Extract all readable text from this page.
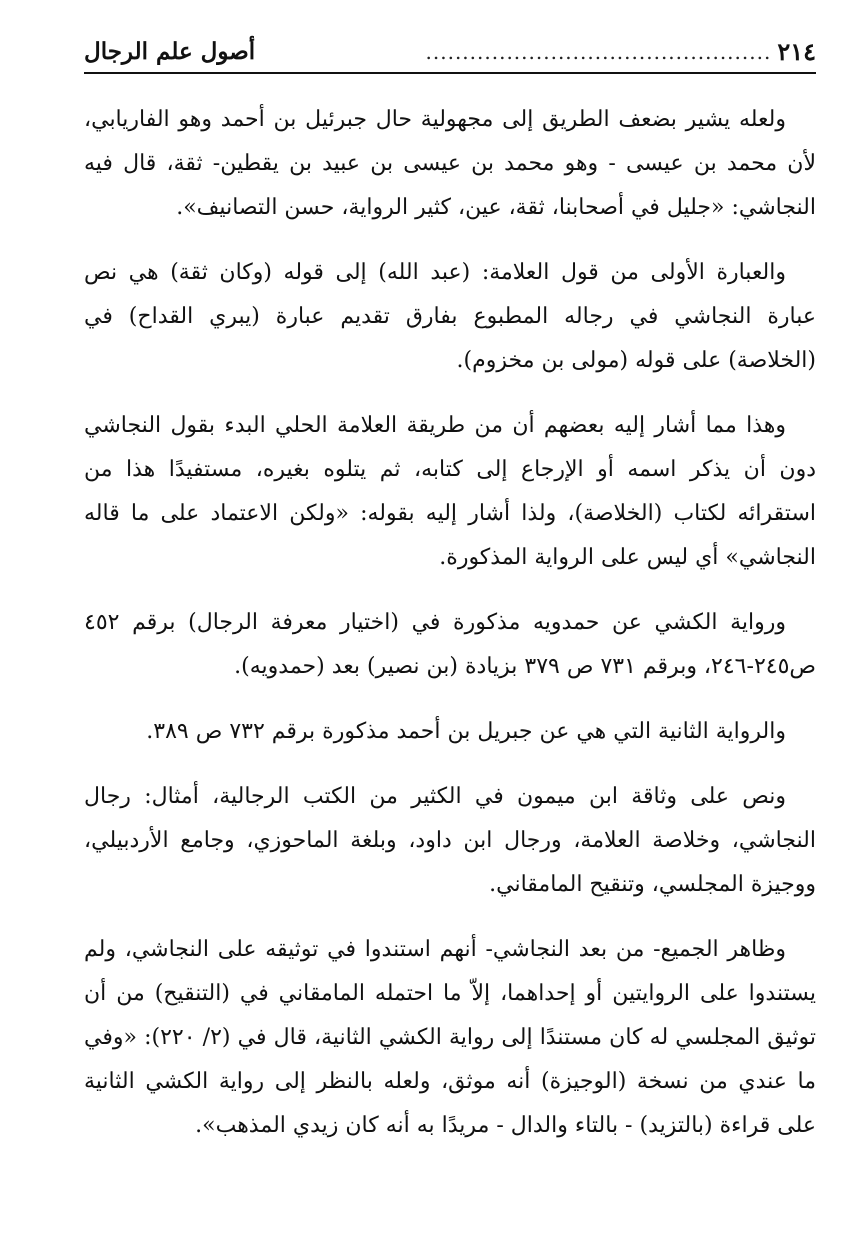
٢١٤
...............................................
أصول علم الرجال

ولعله يشير بضعف الطريق إلى مجهولية حال جبرئيل بن أحمد وهو الفاريابي، لأن محمد بن عيسى - وهو محمد بن عيسى بن عبيد بن يقطين- ثقة، قال فيه النجاشي: «جليل في أصحابنا، ثقة، عين، كثير الرواية، حسن التصانيف».

والعبارة الأولى من قول العلامة: (عبد الله) إلى قوله (وكان ثقة) هي نص عبارة النجاشي في رجاله المطبوع بفارق تقديم عبارة (يبري القداح) في (الخلاصة) على قوله (مولى بن مخزوم).

وهذا مما أشار إليه بعضهم أن من طريقة العلامة الحلي البدء بقول النجاشي دون أن يذكر اسمه أو الإرجاع إلى كتابه، ثم يتلوه بغيره، مستفيدًا هذا من استقرائه لكتاب (الخلاصة)، ولذا أشار إليه بقوله: «ولكن الاعتماد على ما قاله النجاشي» أي ليس على الرواية المذكورة.

ورواية الكشي عن حمدويه مذكورة في (اختيار معرفة الرجال) برقم ٤٥٢ ص٢٤٥-٢٤٦، وبرقم ٧٣١ ص ٣٧٩ بزيادة (بن نصير) بعد (حمدويه).

والرواية الثانية التي هي عن جبريل بن أحمد مذكورة برقم ٧٣٢ ص ٣٨٩.

ونص على وثاقة ابن ميمون في الكثير من الكتب الرجالية، أمثال: رجال النجاشي، وخلاصة العلامة، ورجال ابن داود، وبلغة الماحوزي، وجامع الأردبيلي، ووجيزة المجلسي، وتنقيح المامقاني.

وظاهر الجميع- من بعد النجاشي- أنهم استندوا في توثيقه على النجاشي، ولم يستندوا على الروايتين أو إحداهما، إلاّ ما احتمله المامقاني في (التنقيح) من أن توثيق المجلسي له كان مستندًا إلى رواية الكشي الثانية، قال في (٢/ ٢٢٠): «وفي ما عندي من نسخة (الوجيزة) أنه موثق، ولعله بالنظر إلى رواية الكشي الثانية على قراءة (بالتزيد) - بالتاء والدال - مريدًا به أنه كان زيدي المذهب».
